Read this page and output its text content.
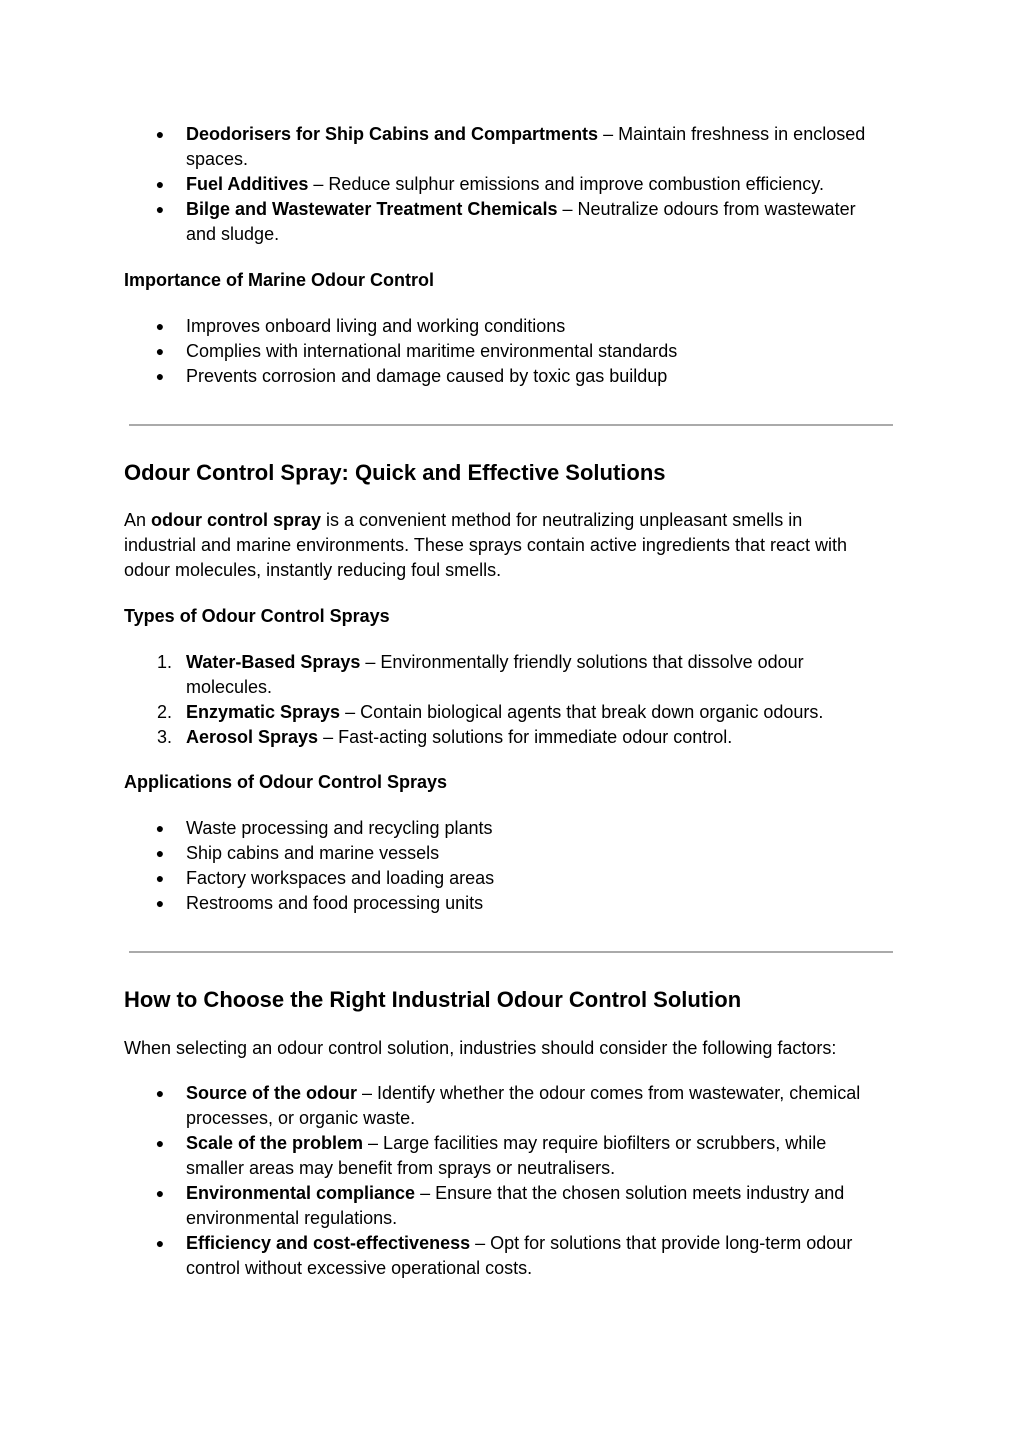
● Deodorisers for Ship Cabins and Compartments – Maintain freshness in enclosed
spaces.
● Fuel Additives – Reduce sulphur emissions and improve combustion efficiency.
● Bilge and Wastewater Treatment Chemicals – Neutralize odours from wastewater
and sludge.
Importance of Marine Odour Control
● Improves onboard living and working conditions
● Complies with international maritime environmental standards
● Prevents corrosion and damage caused by toxic gas buildup
Odour Control Spray: Quick and Effective Solutions
An odour control spray is a convenient method for neutralizing unpleasant smells in
industrial and marine environments. These sprays contain active ingredients that react with
odour molecules, instantly reducing foul smells.
Types of Odour Control Sprays
1. Water-Based Sprays – Environmentally friendly solutions that dissolve odour
molecules.
2. Enzymatic Sprays – Contain biological agents that break down organic odours.
3. Aerosol Sprays – Fast-acting solutions for immediate odour control.
Applications of Odour Control Sprays
● Waste processing and recycling plants
● Ship cabins and marine vessels
● Factory workspaces and loading areas
● Restrooms and food processing units
How to Choose the Right Industrial Odour Control Solution
When selecting an odour control solution, industries should consider the following factors:
● Source of the odour – Identify whether the odour comes from wastewater, chemical
processes, or organic waste.
● Scale of the problem – Large facilities may require biofilters or scrubbers, while
smaller areas may benefit from sprays or neutralisers.
● Environmental compliance – Ensure that the chosen solution meets industry and
environmental regulations.
● Efficiency and cost-effectiveness – Opt for solutions that provide long-term odour
control without excessive operational costs.
